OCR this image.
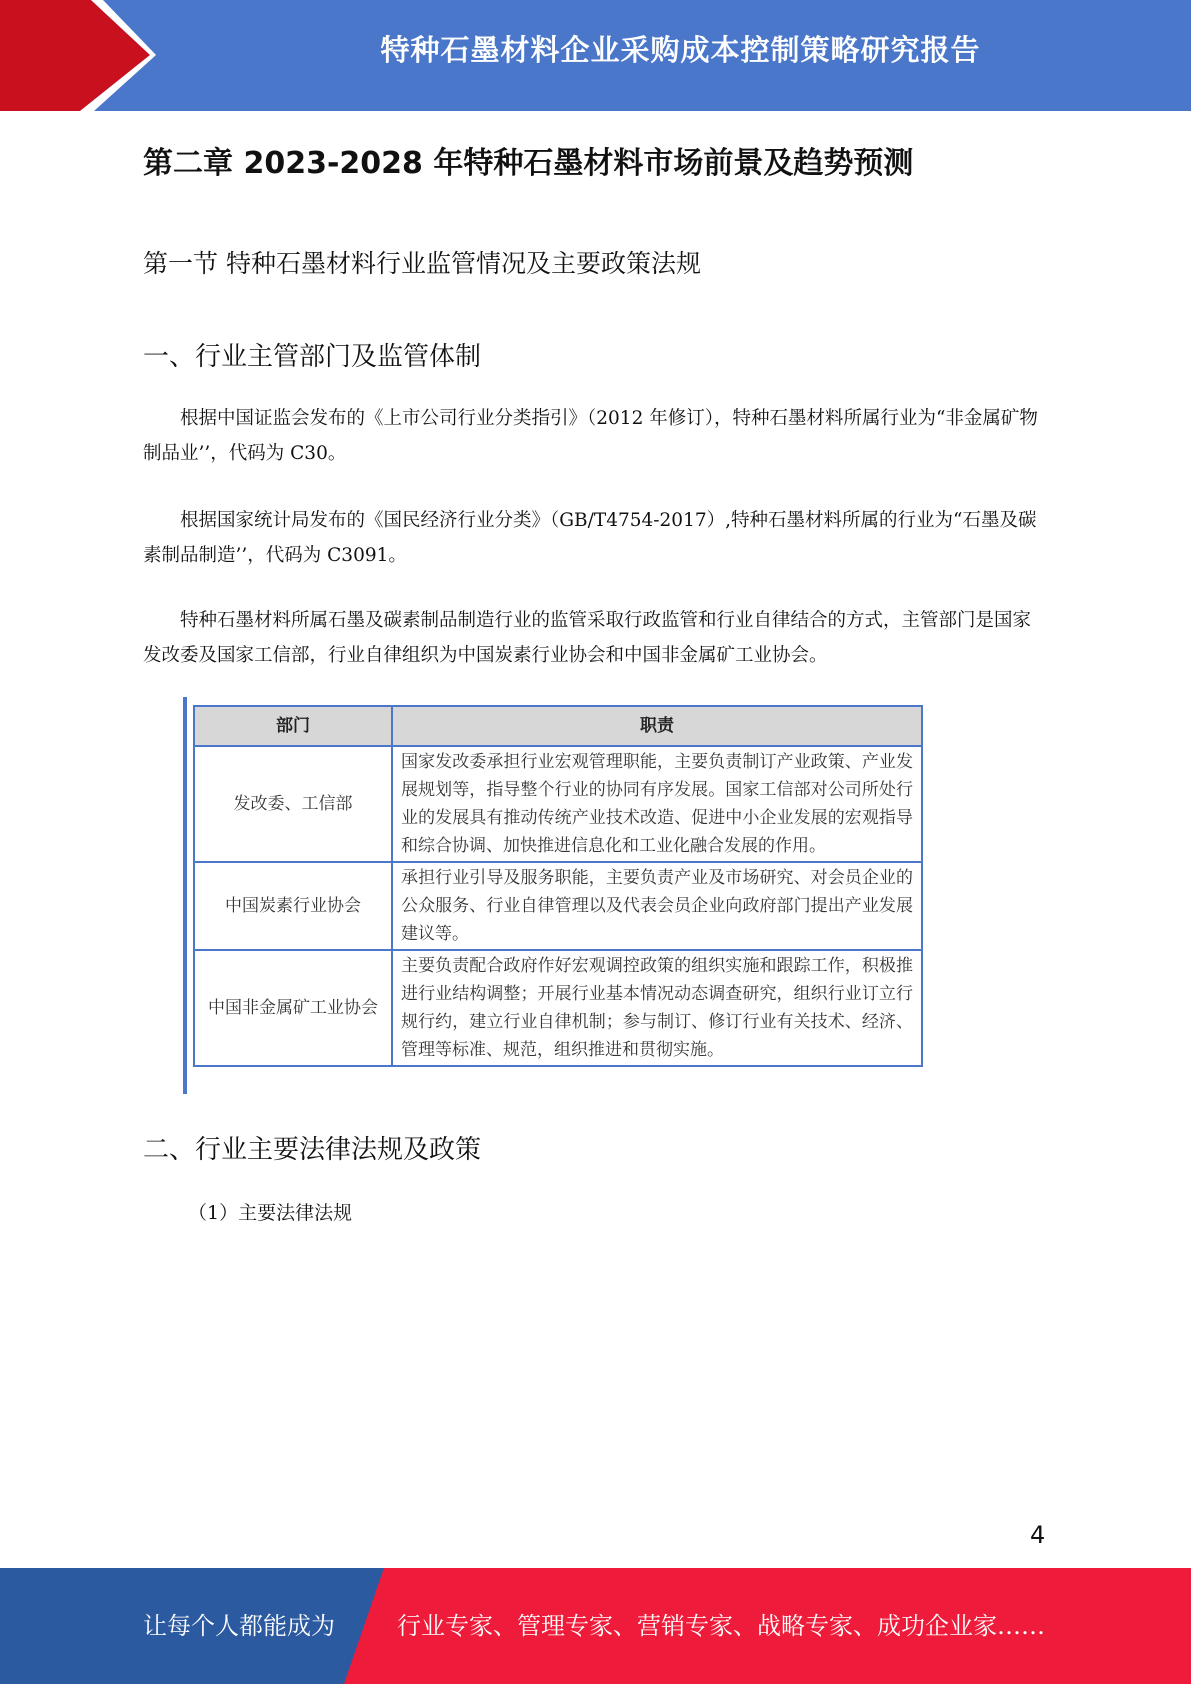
特种石墨材料企业采购成本控制策略研究报告
第二章 2023-2028 年特种石墨材料市场前景及趋势预测
第一节 特种石墨材料行业监管情况及主要政策法规
一、行业主管部门及监管体制

根据中国证监会发布的《上市公司行业分类指引》（2012 年修订），特种石墨材料所属行业为“非金属矿物制品业’’，代码为 C30。

根据国家统计局发布的《国民经济行业分类》（GB/T4754-2017）,特种石墨材料所属的行业为“石墨及碳素制品制造’’，代码为 C3091。

特种石墨材料所属石墨及碳素制品制造行业的监管采取行政监管和行业自律结合的方式，主管部门是国家发改委及国家工信部，行业自律组织为中国炭素行业协会和中国非金属矿工业协会。

部门	职责
发改委、工信部	国家发改委承担行业宏观管理职能，主要负责制订产业政策、产业发展规划等，指导整个行业的协同有序发展。国家工信部对公司所处行业的发展具有推动传统产业技术改造、促进中小企业发展的宏观指导和综合协调、加快推进信息化和工业化融合发展的作用。
中国炭素行业协会	承担行业引导及服务职能，主要负责产业及市场研究、对会员企业的公众服务、行业自律管理以及代表会员企业向政府部门提出产业发展建议等。
中国非金属矿工业协会	主要负责配合政府作好宏观调控政策的组织实施和跟踪工作，积极推进行业结构调整；开展行业基本情况动态调查研究，组织行业订立行规行约，建立行业自律机制；参与制订、修订行业有关技术、经济、管理等标准、规范，组织推进和贯彻实施。
二、行业主要法律法规及政策
（1）主要法律法规
4
让每个人都能成为	行业专家、管理专家、营销专家、战略专家、成功企业家……
